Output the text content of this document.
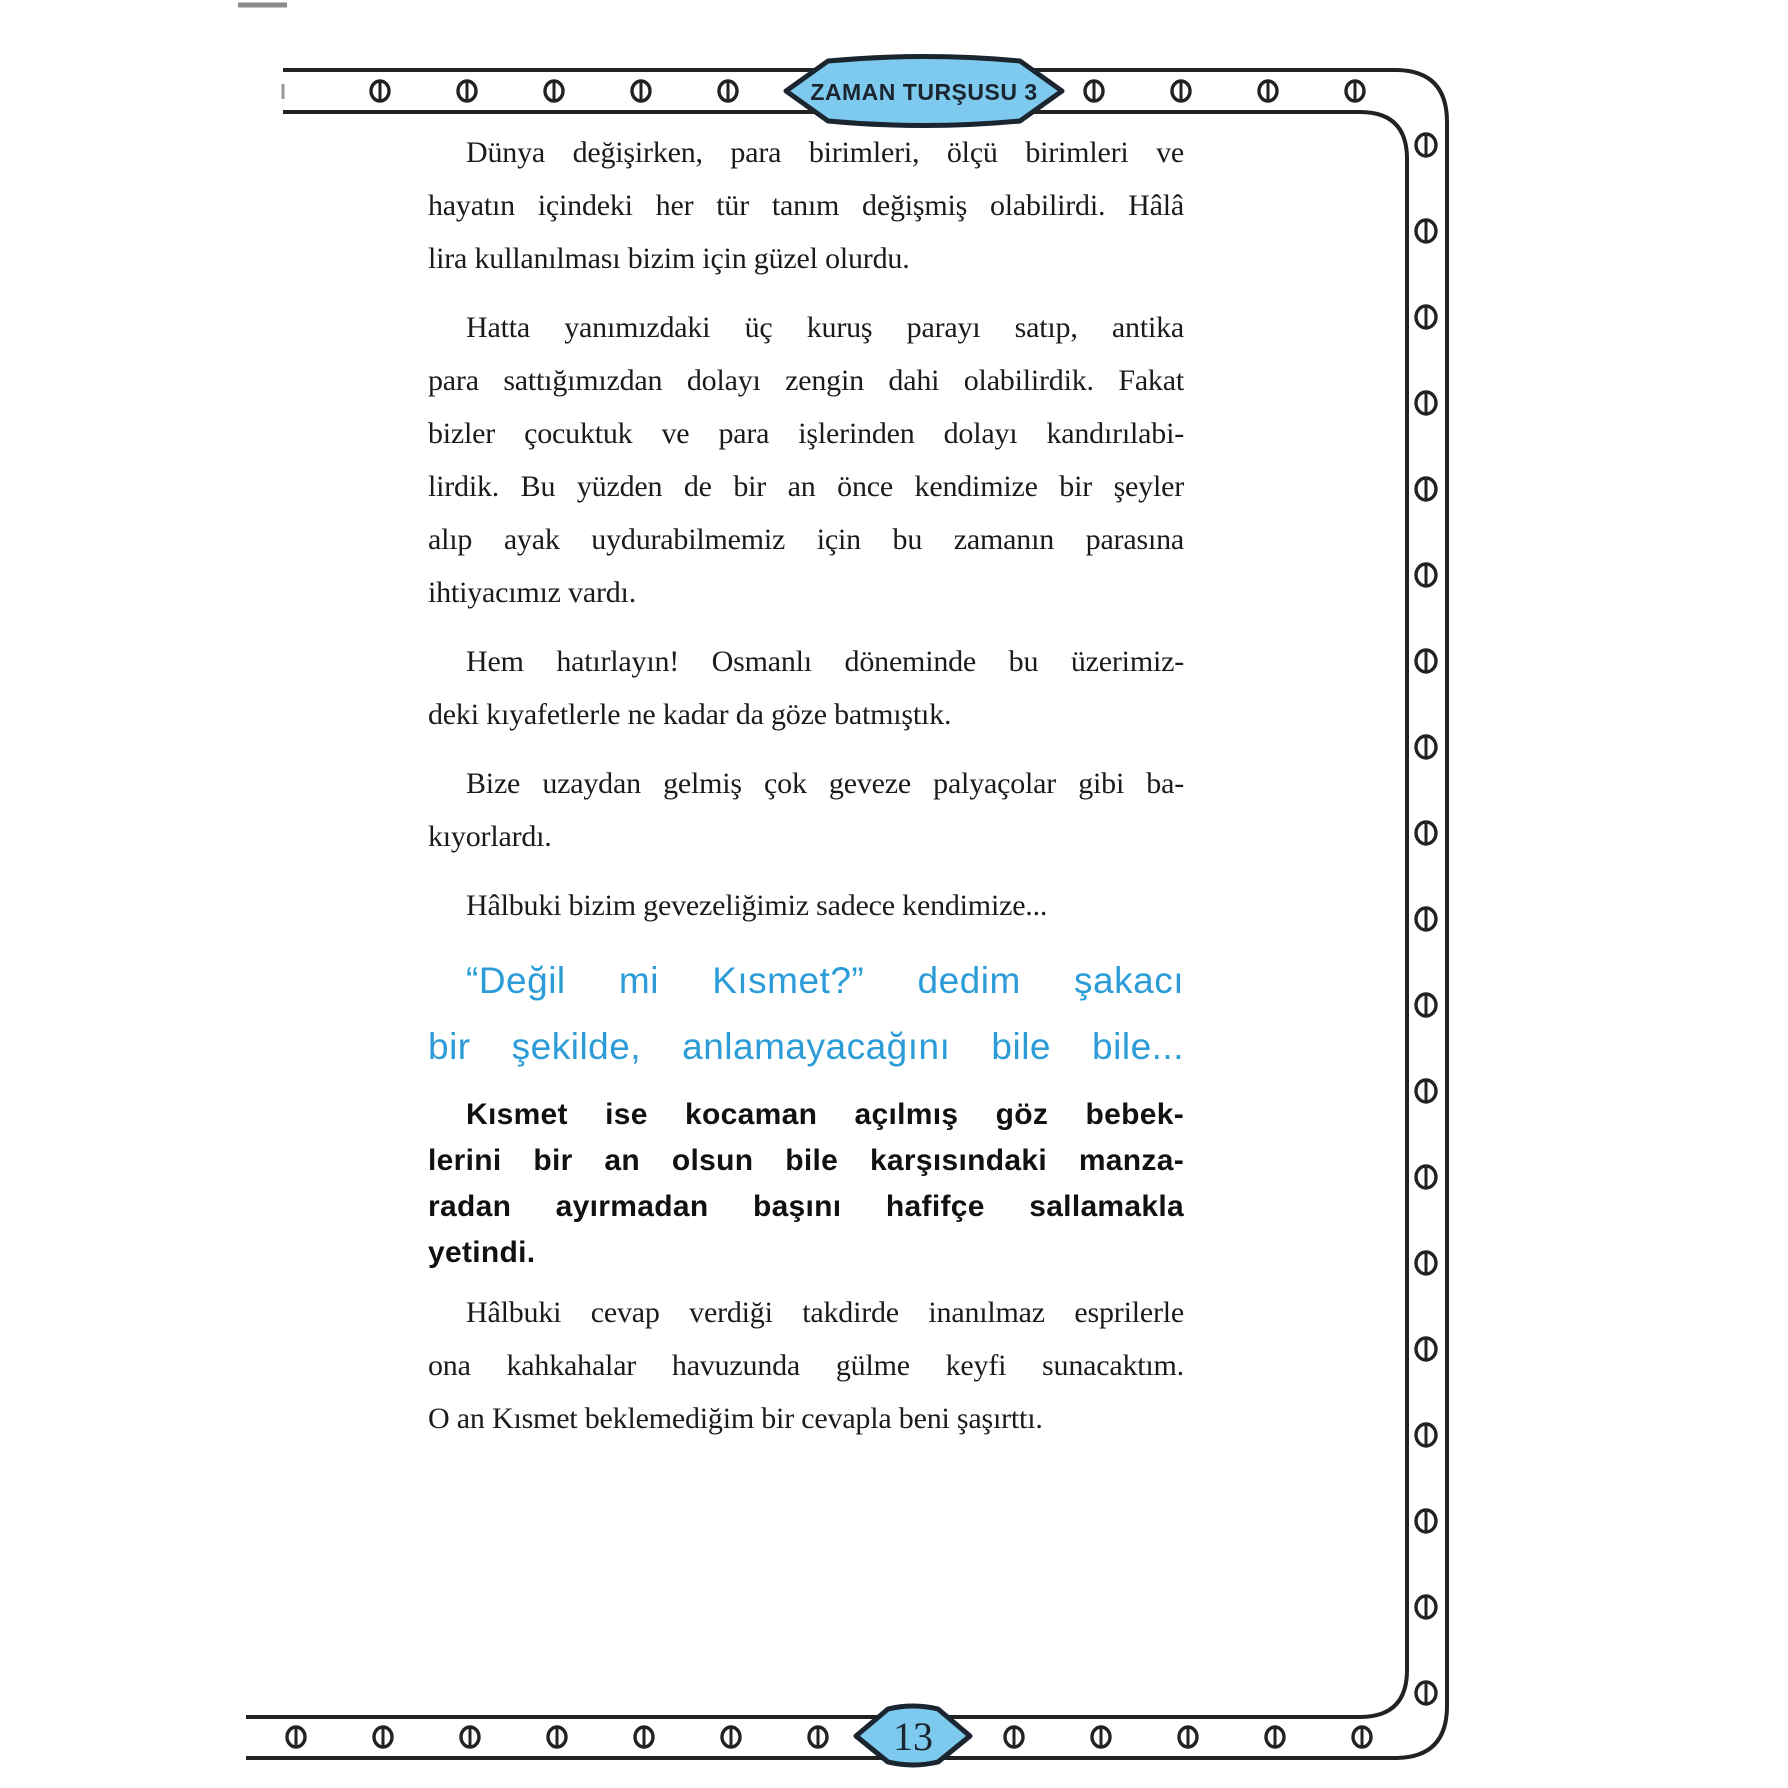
ZAMAN TURŞUSU 3
13
Dünya değişirken, para birimleri, ölçü birimleri ve
hayatın içindeki her tür tanım değişmiş olabilirdi. Hâlâ
lira kullanılması bizim için güzel olurdu.
Hatta yanımızdaki üç kuruş parayı satıp, antika
para sattığımızdan dolayı zengin dahi olabilirdik. Fakat
bizler çocuktuk ve para işlerinden dolayı kandırılabi-
lirdik. Bu yüzden de bir an önce kendimize bir şeyler
alıp ayak uydurabilmemiz için bu zamanın parasına
ihtiyacımız vardı.
Hem hatırlayın! Osmanlı döneminde bu üzerimiz-
deki kıyafetlerle ne kadar da göze batmıştık.
Bize uzaydan gelmiş çok geveze palyaçolar gibi ba-
kıyorlardı.
Hâlbuki bizim gevezeliğimiz sadece kendimize...
“Değil mi Kısmet?” dedim şakacı
bir şekilde, anlamayacağını bile bile...
Kısmet ise kocaman açılmış göz bebek-
lerini bir an olsun bile karşısındaki manza-
radan ayırmadan başını hafifçe sallamakla
yetindi.
Hâlbuki cevap verdiği takdirde inanılmaz esprilerle
ona kahkahalar havuzunda gülme keyfi sunacaktım.
O an Kısmet beklemediğim bir cevapla beni şaşırttı.
